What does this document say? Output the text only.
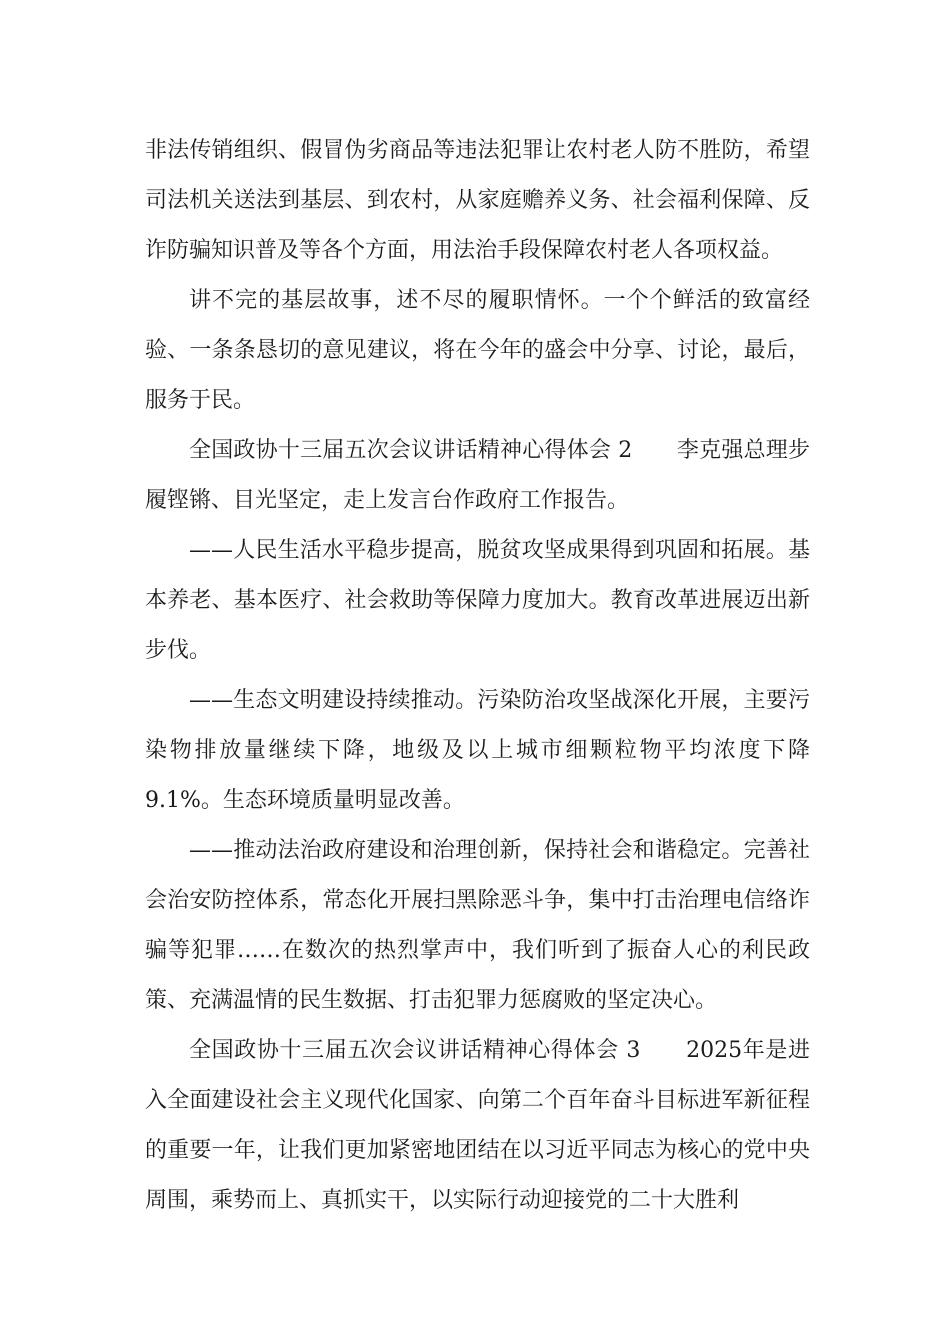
非法传销组织、假冒伪劣商品等违法犯罪让农村老人防不胜防，希望司法机关送法到基层、到农村，从家庭赡养义务、社会福利保障、反诈防骗知识普及等各个方面，用法治手段保障农村老人各项权益。

讲不完的基层故事，述不尽的履职情怀。一个个鲜活的致富经验、一条条恳切的意见建议，将在今年的盛会中分享、讨论，最后，服务于民。

全国政协十三届五次会议讲话精神心得体会 2　　李克强总理步履铿锵、目光坚定，走上发言台作政府工作报告。

——人民生活水平稳步提高，脱贫攻坚成果得到巩固和拓展。基本养老、基本医疗、社会救助等保障力度加大。教育改革进展迈出新步伐。

——生态文明建设持续推动。污染防治攻坚战深化开展，主要污染物排放量继续下降，地级及以上城市细颗粒物平均浓度下降9.1%。生态环境质量明显改善。

——推动法治政府建设和治理创新，保持社会和谐稳定。完善社会治安防控体系，常态化开展扫黑除恶斗争，集中打击治理电信络诈骗等犯罪……在数次的热烈掌声中，我们听到了振奋人心的利民政策、充满温情的民生数据、打击犯罪力惩腐败的坚定决心。

全国政协十三届五次会议讲话精神心得体会 3　　2025年是进入全面建设社会主义现代化国家、向第二个百年奋斗目标进军新征程的重要一年，让我们更加紧密地团结在以习近平同志为核心的党中央周围，乘势而上、真抓实干，以实际行动迎接党的二十大胜利
